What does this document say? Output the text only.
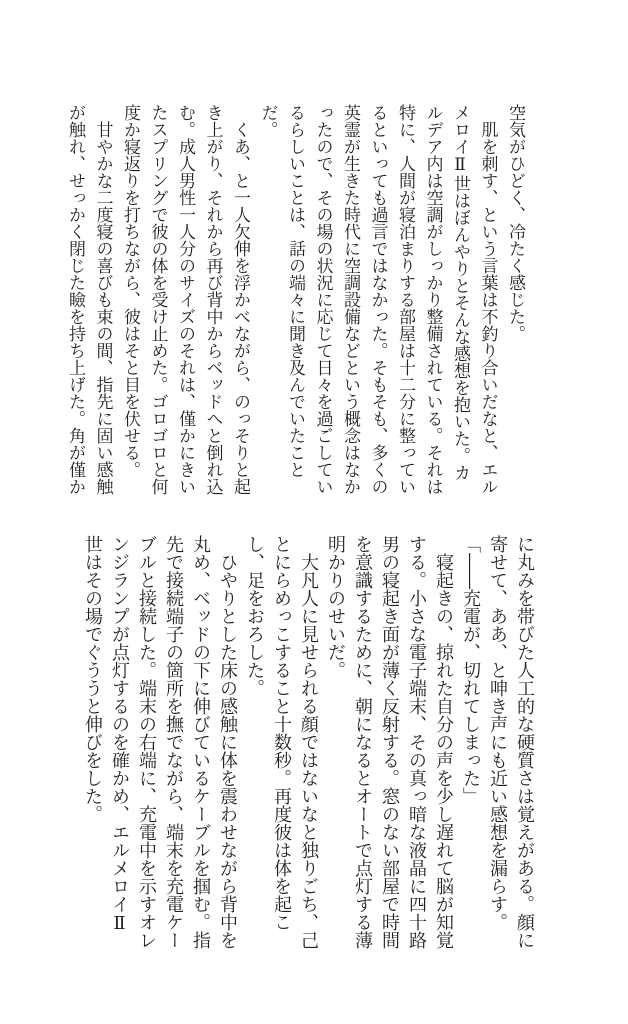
空気がひどく、冷たく感じた。

　肌を刺す、という言葉は不釣り合いだなと、エルメロイⅡ世はぼんやりとそんな感想を抱いた。カルデア内は空調がしっかり整備されている。それは特に、人間が寝泊まりする部屋は十二分に整っているといっても過言ではなかった。そもそも、多くの英霊が生きた時代に空調設備などという概念はなかったので、その場の状況に応じて日々を過ごしているらしいことは、話の端々に聞き及んでいたことだ。

　くあ、と一人欠伸を浮かべながら、のっそりと起き上がり、それから再び背中からベッドへと倒れ込む。成人男性一人分のサイズのそれは、僅かにきいたスプリングで彼の体を受け止めた。ゴロゴロと何度か寝返りを打ちながら、彼はそと目を伏せる。

　甘やかな二度寝の喜びも束の間、指先に固い感触が触れ、せっかく閉じた瞼を持ち上げた。角が僅か

に丸みを帯びた人工的な硬質さは覚えがある。顔に寄せて、ああ、と呻き声にも近い感想を漏らす。

「――充電が、切れてしまった」

　寝起きの、掠れた自分の声を少し遅れて脳が知覚する。小さな電子端末、その真っ暗な液晶に四十路男の寝起き面が薄く反射する。窓のない部屋で時間を意識するために、朝になるとオートで点灯する薄明かりのせいだ。

　大凡人に見せられる顔ではないなと独りごち、己とにらめっこすること十数秒。再度彼は体を起こし、足をおろした。

　ひやりとした床の感触に体を震わせながら背中を丸め、ベッドの下に伸びているケーブルを掴む。指先で接続端子の箇所を撫でながら、端末を充電ケーブルと接続した。端末の右端に、充電中を示すオレンジランプが点灯するのを確かめ、エルメロイⅡ世はその場でぐううと伸びをした。
